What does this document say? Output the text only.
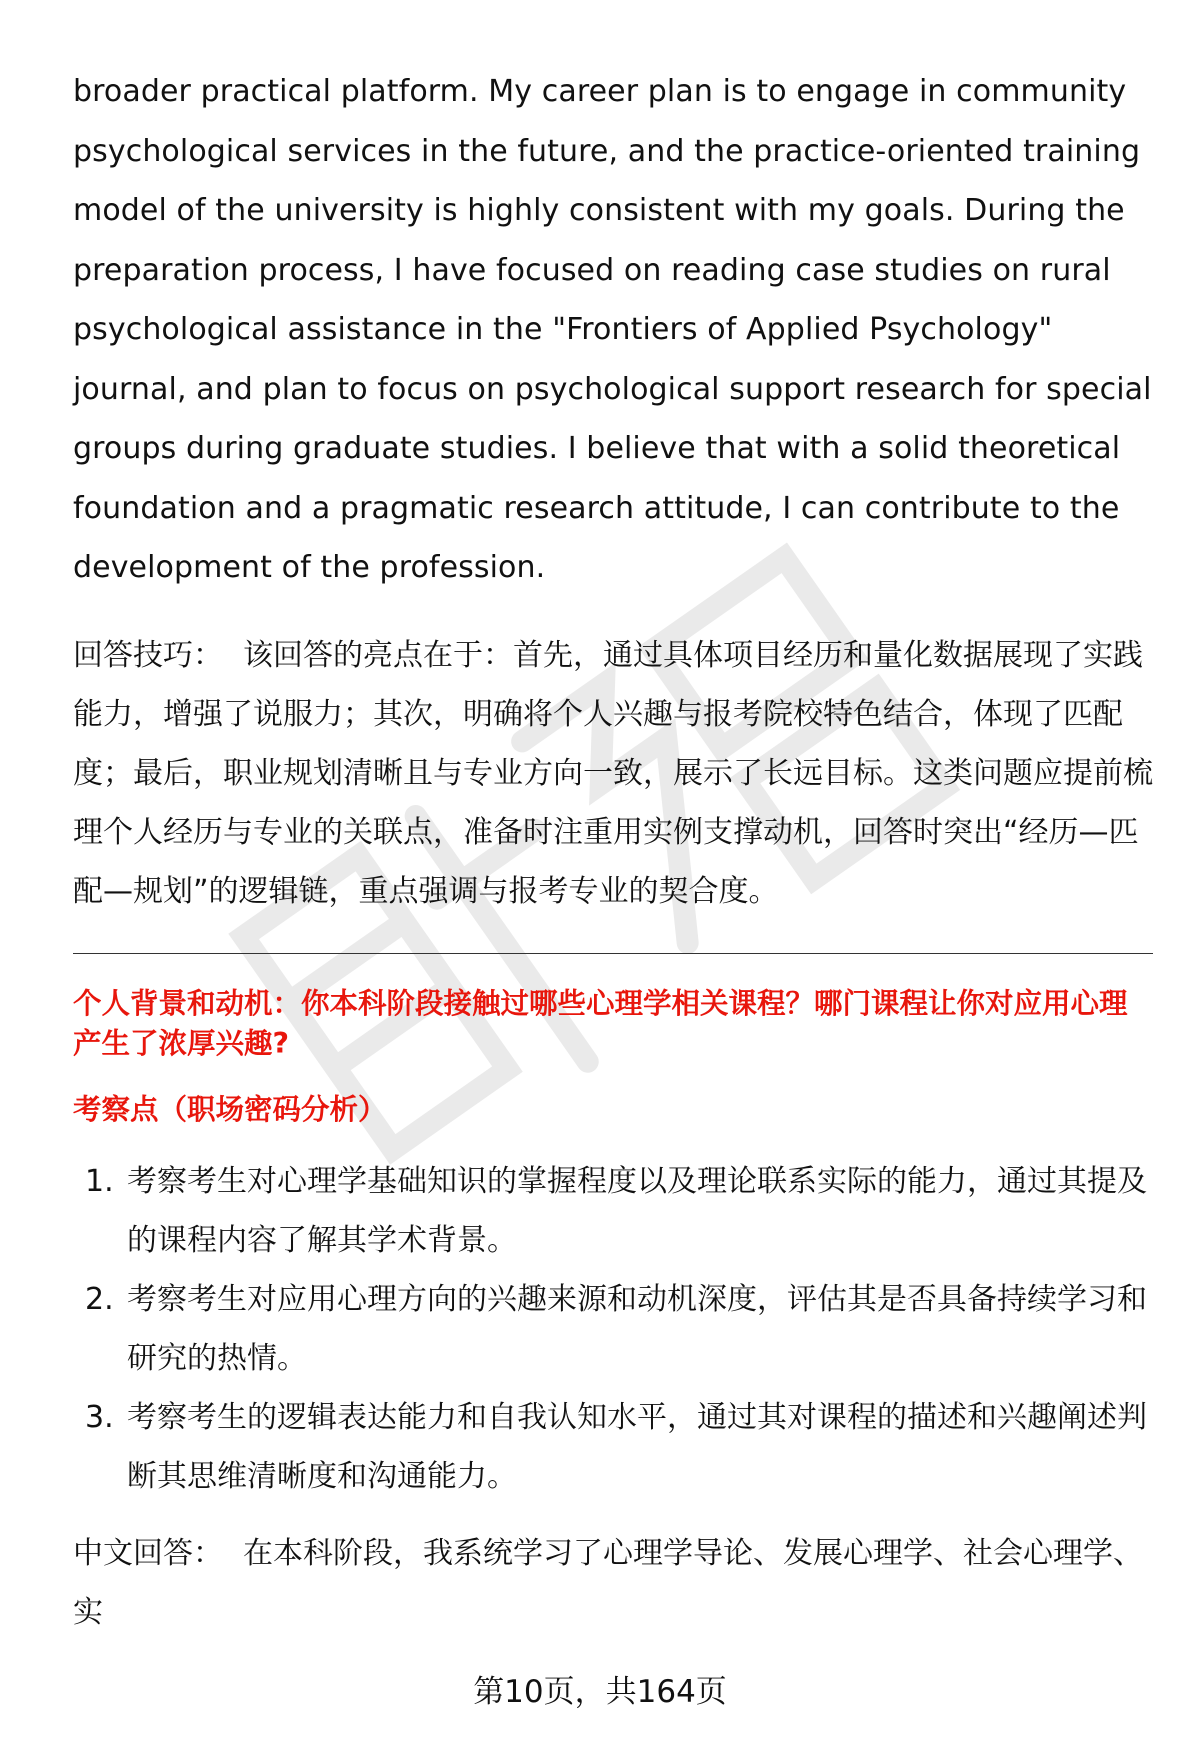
broader practical platform. My career plan is to engage in community psychological services in the future, and the practice-oriented training model of the university is highly consistent with my goals. During the preparation process, I have focused on reading case studies on rural psychological assistance in the "Frontiers of Applied Psychology" journal, and plan to focus on psychological support research for special groups during graduate studies. I believe that with a solid theoretical foundation and a pragmatic research attitude, I can contribute to the development of the profession.

回答技巧： 该回答的亮点在于：首先，通过具体项目经历和量化数据展现了实践能力，增强了说服力；其次，明确将个人兴趣与报考院校特色结合，体现了匹配度；最后，职业规划清晰且与专业方向一致，展示了长远目标。这类问题应提前梳理个人经历与专业的关联点，准备时注重用实例支撑动机，回答时突出“经历—匹配—规划”的逻辑链，重点强调与报考专业的契合度。
个人背景和动机：你本科阶段接触过哪些心理学相关课程？哪门课程让你对应用心理产生了浓厚兴趣?
考察点（职场密码分析）
1. 考察考生对心理学基础知识的掌握程度以及理论联系实际的能力，通过其提及的课程内容了解其学术背景。
2. 考察考生对应用心理方向的兴趣来源和动机深度，评估其是否具备持续学习和研究的热情。
3. 考察考生的逻辑表达能力和自我认知水平，通过其对课程的描述和兴趣阐述判断其思维清晰度和沟通能力。
中文回答： 在本科阶段，我系统学习了心理学导论、发展心理学、社会心理学、实
第10页，共164页
